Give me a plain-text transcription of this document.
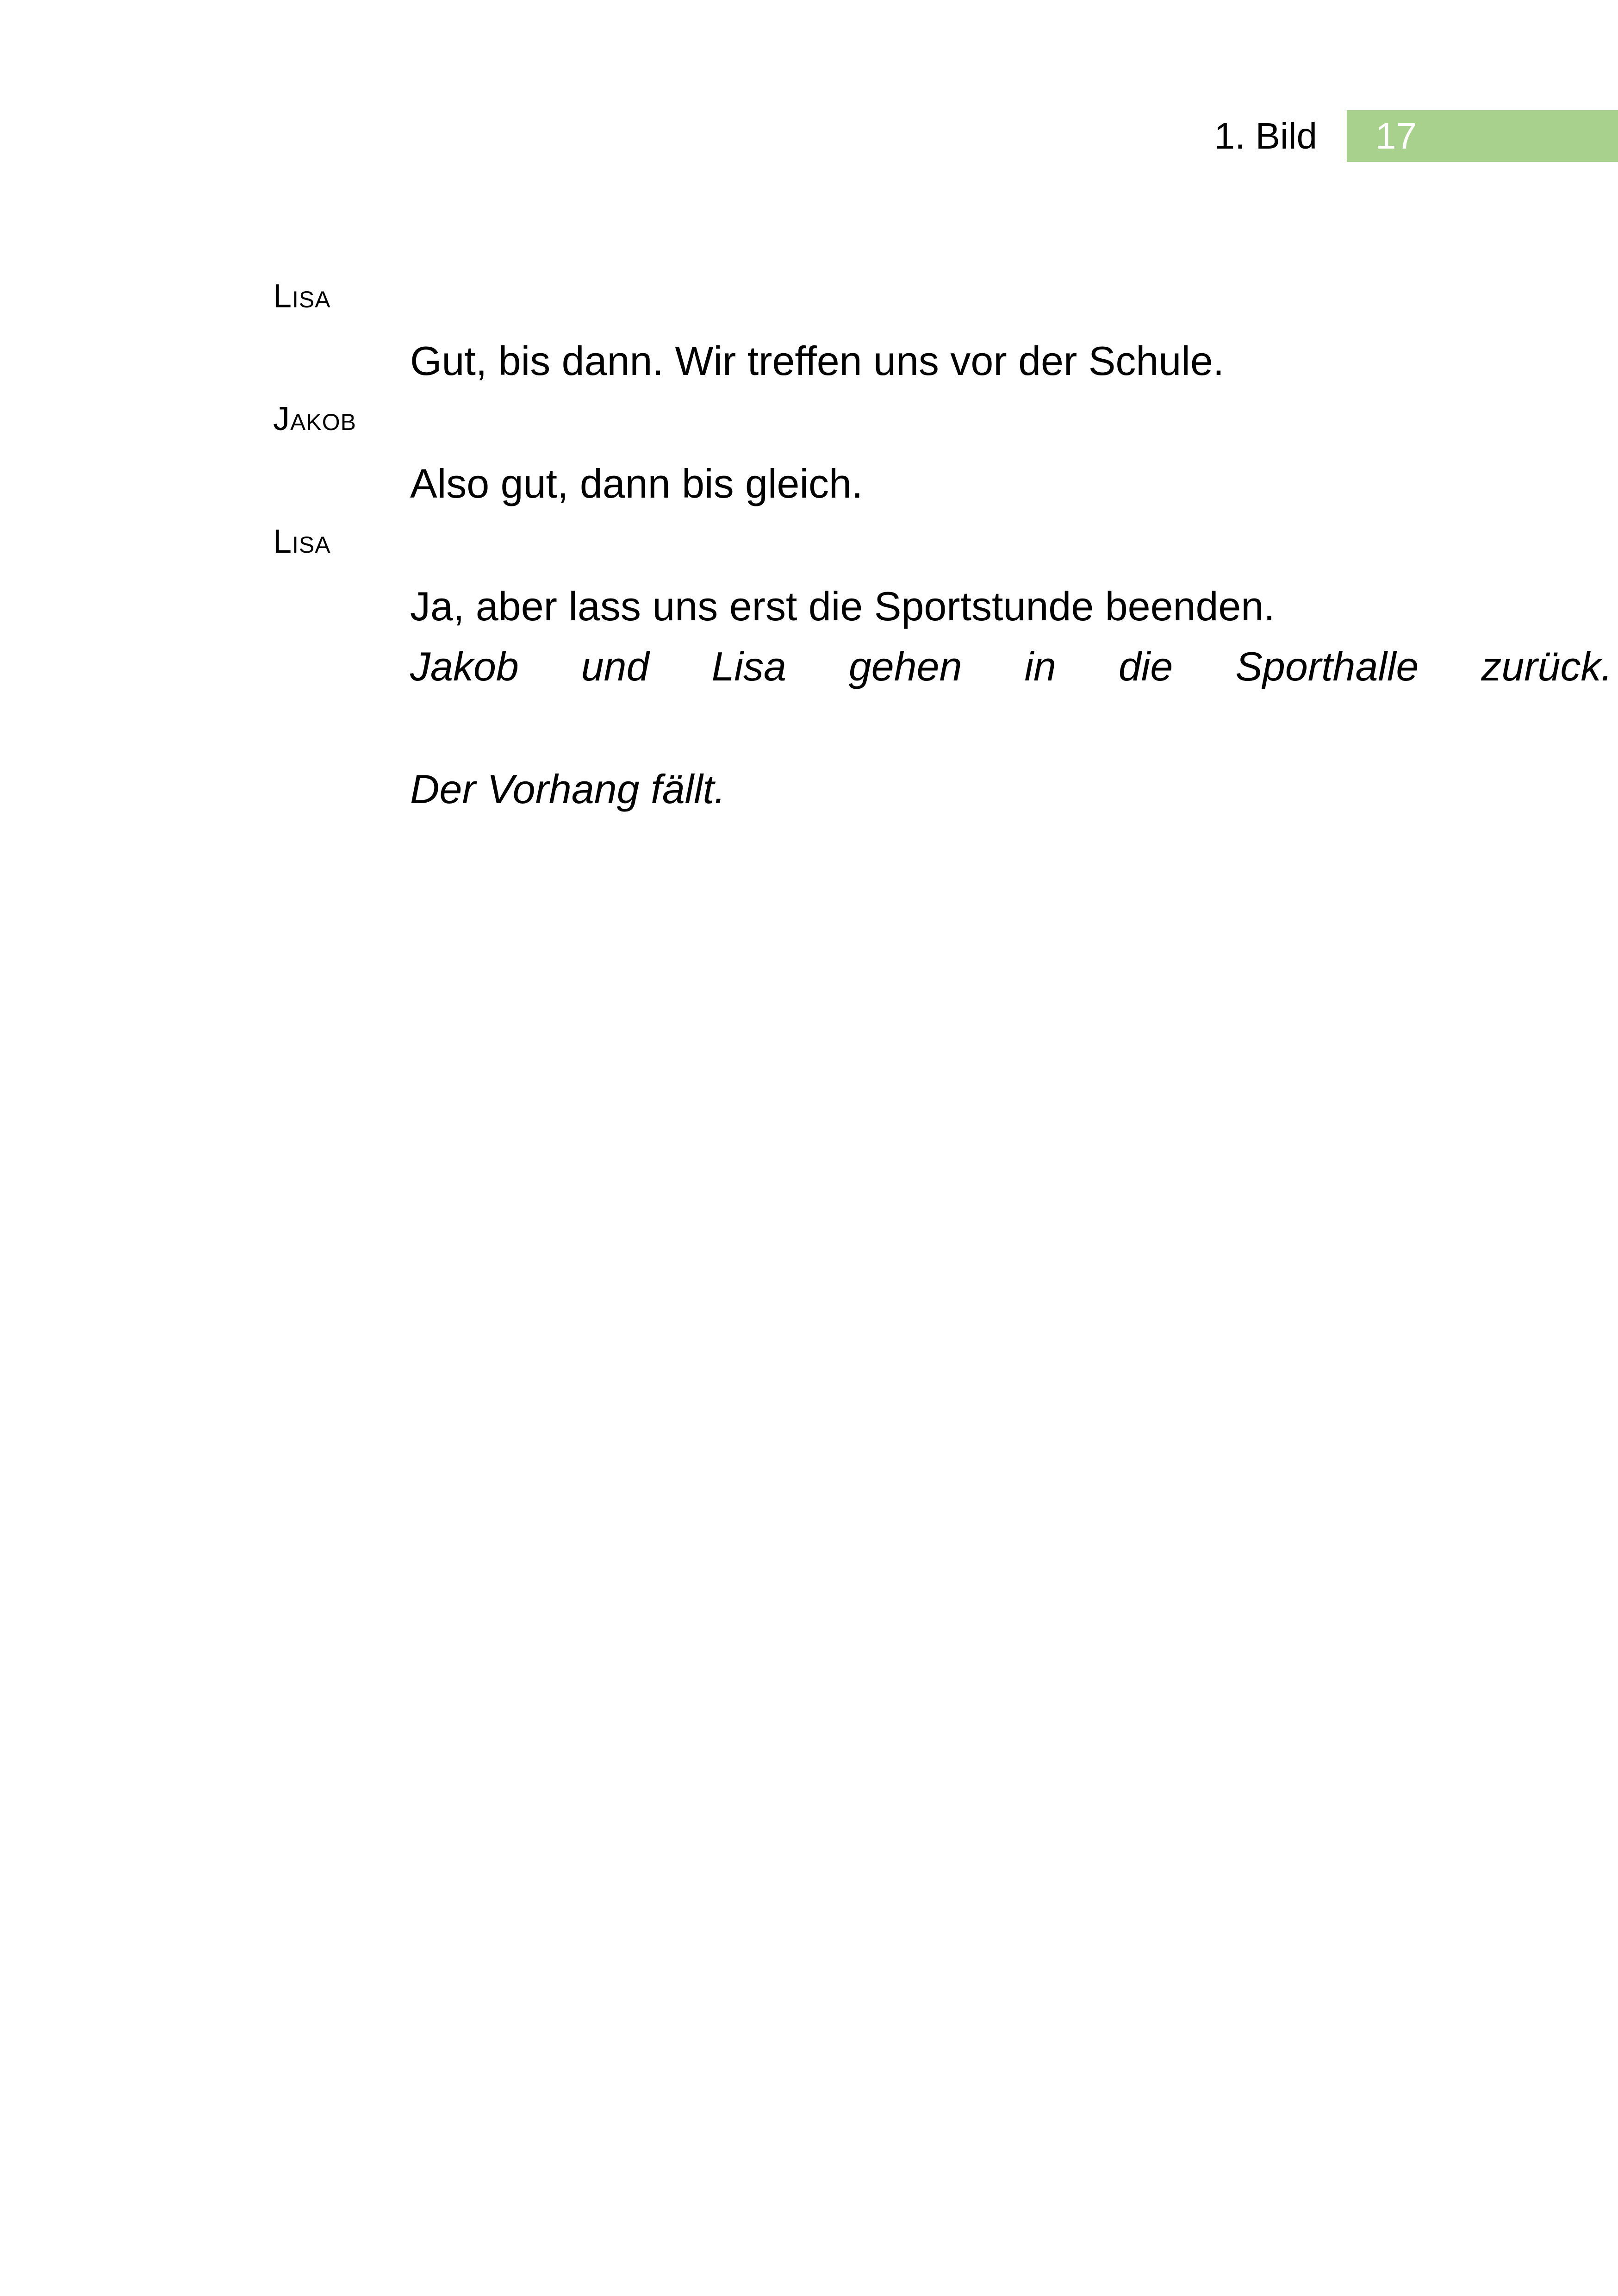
1. Bild 17
Lisa
Gut, bis dann. Wir treffen uns vor der Schule.
Jakob
Also gut, dann bis gleich.
Lisa
Ja, aber lass uns erst die Sportstunde beenden.
Jakob und Lisa gehen in die Sporthalle zurück.
Der Vorhang fällt.
